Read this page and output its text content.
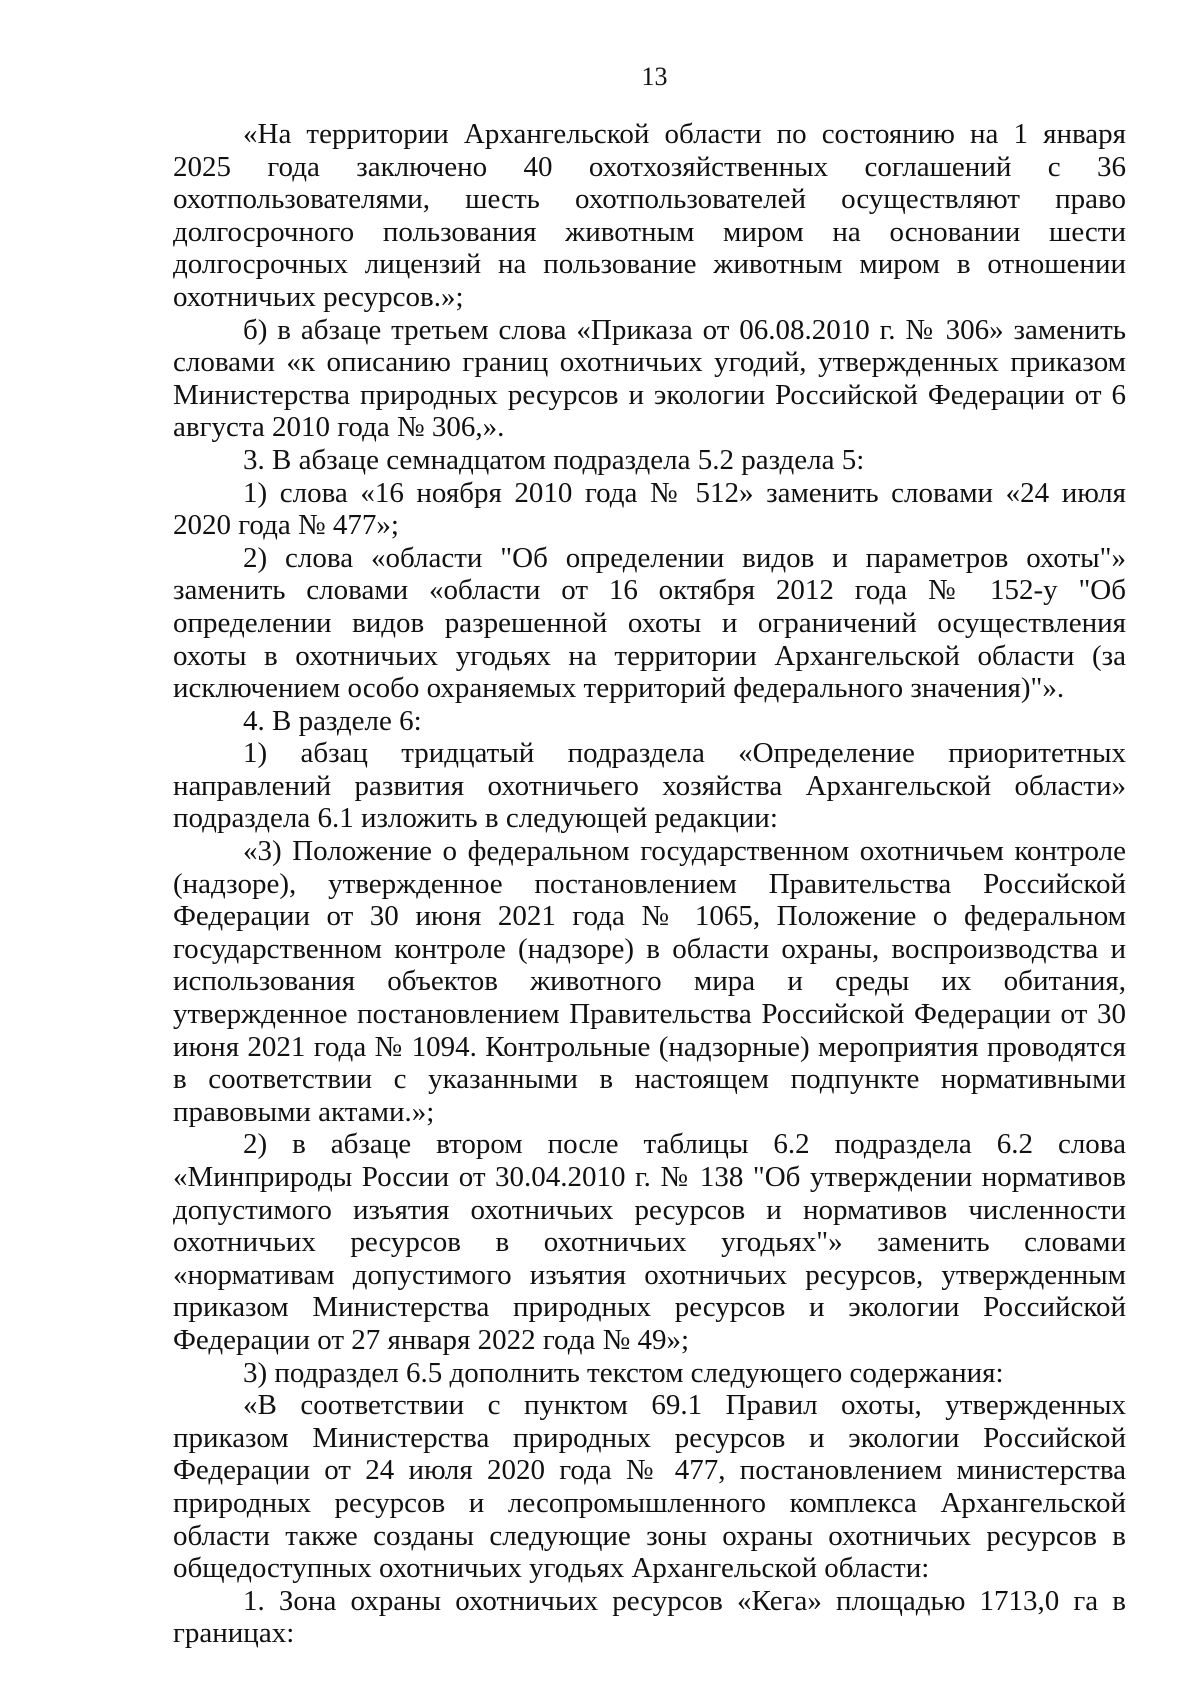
13

«На территории Архангельской области по состоянию на 1 января 2025 года заключено 40 охотхозяйственных соглашений с 36 охотпользователями, шесть охотпользователей осуществляют право долгосрочного пользования животным миром на основании шести долгосрочных лицензий на пользование животным миром в отношении охотничьих ресурсов.»;

б) в абзаце третьем слова «Приказа от 06.08.2010 г. № 306» заменить словами «к описанию границ охотничьих угодий, утвержденных приказом Министерства природных ресурсов и экологии Российской Федерации от 6 августа 2010 года № 306,».

3. В абзаце семнадцатом подраздела 5.2 раздела 5:

1) слова «16 ноября 2010 года № 512» заменить словами «24 июля 2020 года № 477»;

2) слова «области "Об определении видов и параметров охоты"» заменить словами «области от 16 октября 2012 года № 152-у "Об определении видов разрешенной охоты и ограничений осуществления охоты в охотничьих угодьях на территории Архангельской области (за исключением особо охраняемых территорий федерального значения)"».

4. В разделе 6:

1) абзац тридцатый подраздела «Определение приоритетных направлений развития охотничьего хозяйства Архангельской области» подраздела 6.1 изложить в следующей редакции:

«3) Положение о федеральном государственном охотничьем контроле (надзоре), утвержденное постановлением Правительства Российской Федерации от 30 июня 2021 года № 1065, Положение о федеральном государственном контроле (надзоре) в области охраны, воспроизводства и использования объектов животного мира и среды их обитания, утвержденное постановлением Правительства Российской Федерации от 30 июня 2021 года № 1094. Контрольные (надзорные) мероприятия проводятся в соответствии с указанными в настоящем подпункте нормативными правовыми актами.»;

2) в абзаце втором после таблицы 6.2 подраздела 6.2 слова «Минприроды России от 30.04.2010 г. № 138 "Об утверждении нормативов допустимого изъятия охотничьих ресурсов и нормативов численности охотничьих ресурсов в охотничьих угодьях"» заменить словами «нормативам допустимого изъятия охотничьих ресурсов, утвержденным приказом Министерства природных ресурсов и экологии Российской Федерации от 27 января 2022 года № 49»;

3) подраздел 6.5 дополнить текстом следующего содержания:

«В соответствии с пунктом 69.1 Правил охоты, утвержденных приказом Министерства природных ресурсов и экологии Российской Федерации от 24 июля 2020 года № 477, постановлением министерства природных ресурсов и лесопромышленного комплекса Архангельской области также созданы следующие зоны охраны охотничьих ресурсов в общедоступных охотничьих угодьях Архангельской области:

1. Зона охраны охотничьих ресурсов «Кега» площадью 1713,0 га в границах:
